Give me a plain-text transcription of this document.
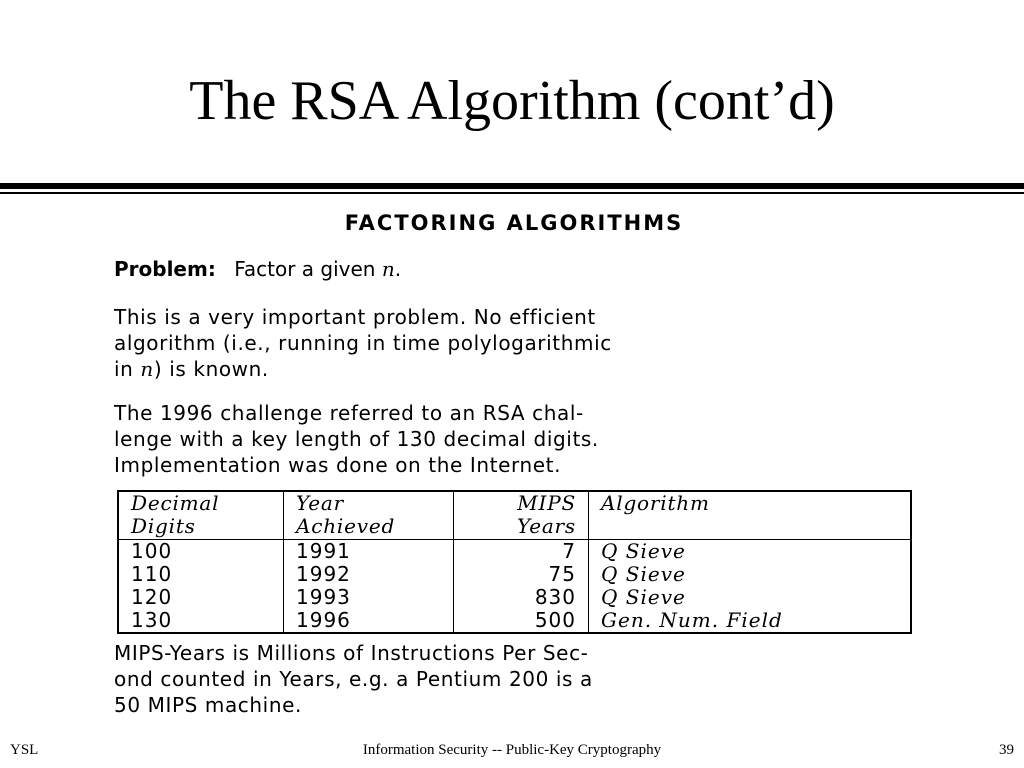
The RSA Algorithm (cont’d)
FACTORING ALGORITHMS
Problem: Factor a given n.
This is a very important problem. No efficient
algorithm (i.e., running in time polylogarithmic
in n) is known.
The 1996 challenge referred to an RSA chal-
lenge with a key length of 130 decimal digits.
Implementation was done on the Internet.
Decimal	Year	MIPS	Algorithm
Digits	Achieved	Years	
100	1991	7	Q Sieve
110	1992	75	Q Sieve
120	1993	830	Q Sieve
130	1996	500	Gen. Num. Field
MIPS-Years is Millions of Instructions Per Sec-
ond counted in Years, e.g. a Pentium 200 is a
50 MIPS machine.
YSL	Information Security -- Public-Key Cryptography	39
